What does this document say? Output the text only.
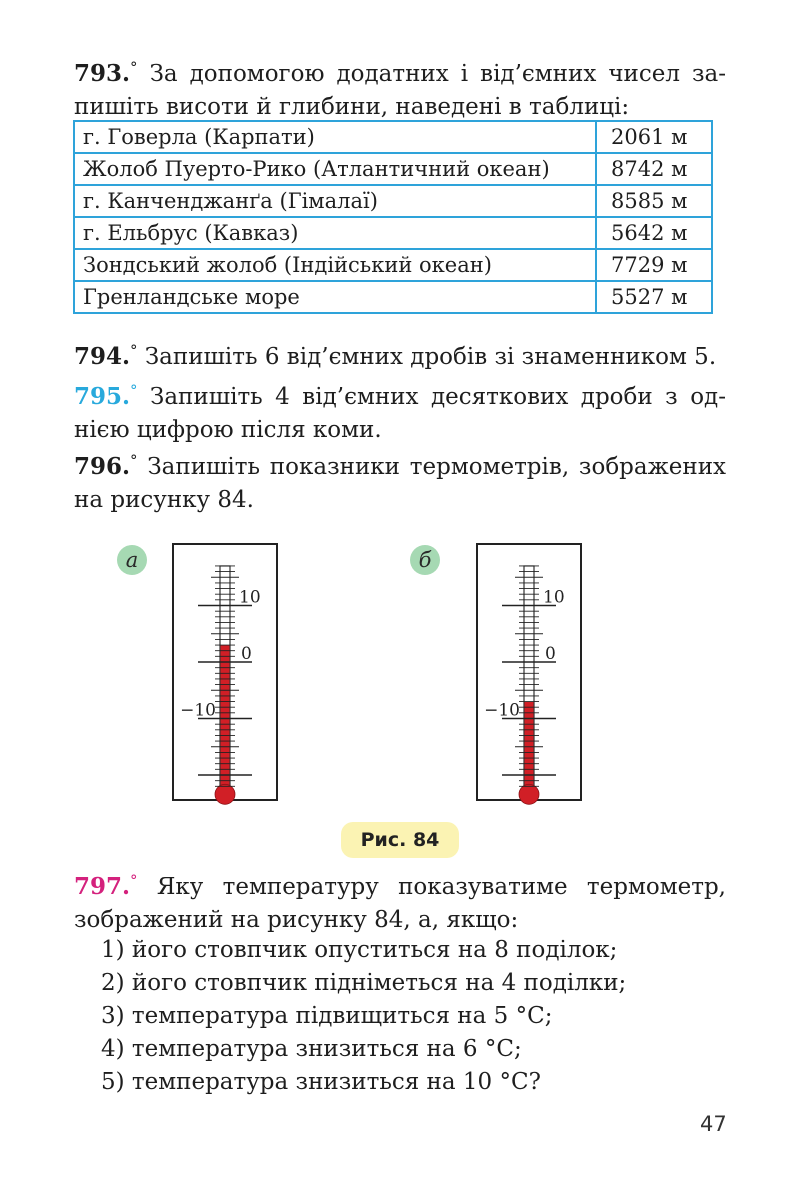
793.° За допомогою додатних і від’ємних чисел за-
пишіть висоти й глибини, наведені в таблиці:
г. Говерла (Карпати)	2061 м
Жолоб Пуерто-Рико (Атлантичний океан)	8742 м
г. Канченджанґа (Гімалаї)	8585 м
г. Ельбрус (Кавказ)	5642 м
Зондський жолоб (Індійський океан)	7729 м
Гренландське море	5527 м
794.° Запишіть 6 від’ємних дробів зі знаменником 5.
795.° Запишіть 4 від’ємних десяткових дроби з од-
нією цифрою після коми.
796.° Запишіть показники термометрів, зображених
на рисунку 84.
а	б
10
0
−10
10
0
−10
Рис. 84
797.° Яку температуру показуватиме термометр,
зображений на рисунку 84, а, якщо:
1) його стовпчик опуститься на 8 поділок;
2) його стовпчик підніметься на 4 поділки;
3) температура підвищиться на 5 °C;
4) температура знизиться на 6 °C;
5) температура знизиться на 10 °C?
47
